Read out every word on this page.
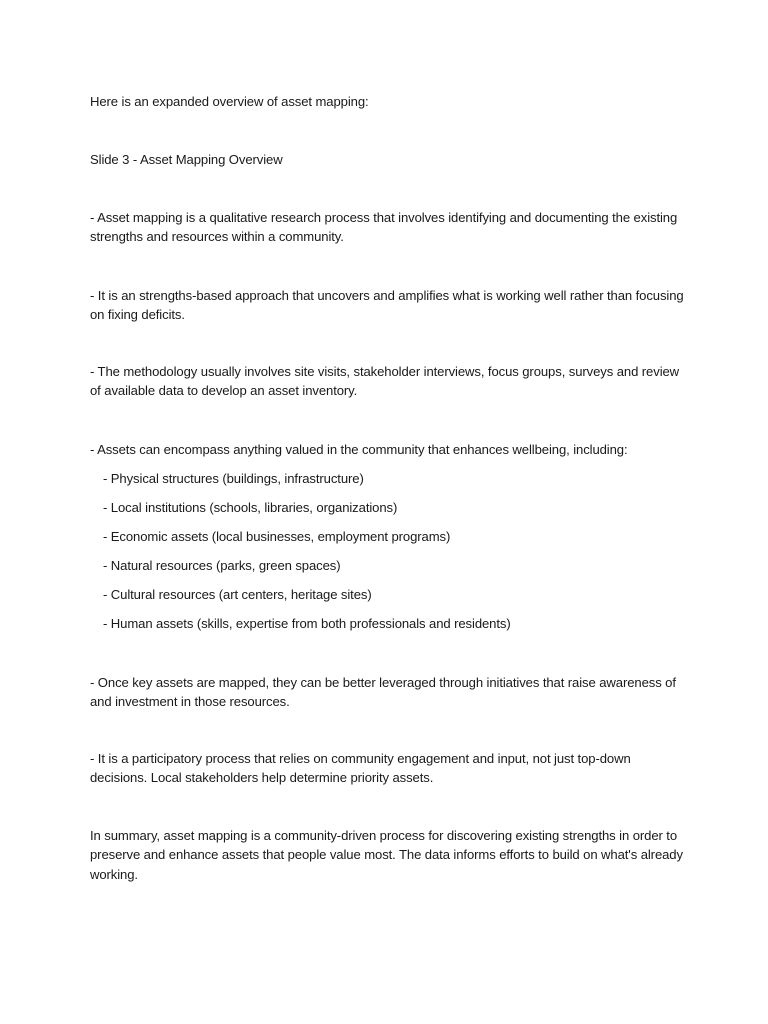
Here is an expanded overview of asset mapping:

Slide 3 - Asset Mapping Overview

- Asset mapping is a qualitative research process that involves identifying and documenting the existing strengths and resources within a community.

- It is an strengths-based approach that uncovers and amplifies what is working well rather than focusing on fixing deficits.

- The methodology usually involves site visits, stakeholder interviews, focus groups, surveys and review of available data to develop an asset inventory.

- Assets can encompass anything valued in the community that enhances wellbeing, including:

- Physical structures (buildings, infrastructure)

- Local institutions (schools, libraries, organizations)

- Economic assets (local businesses, employment programs)

- Natural resources (parks, green spaces)

- Cultural resources (art centers, heritage sites)

- Human assets (skills, expertise from both professionals and residents)

- Once key assets are mapped, they can be better leveraged through initiatives that raise awareness of and investment in those resources.

- It is a participatory process that relies on community engagement and input, not just top-down decisions. Local stakeholders help determine priority assets.

In summary, asset mapping is a community-driven process for discovering existing strengths in order to preserve and enhance assets that people value most. The data informs efforts to build on what's already working.
